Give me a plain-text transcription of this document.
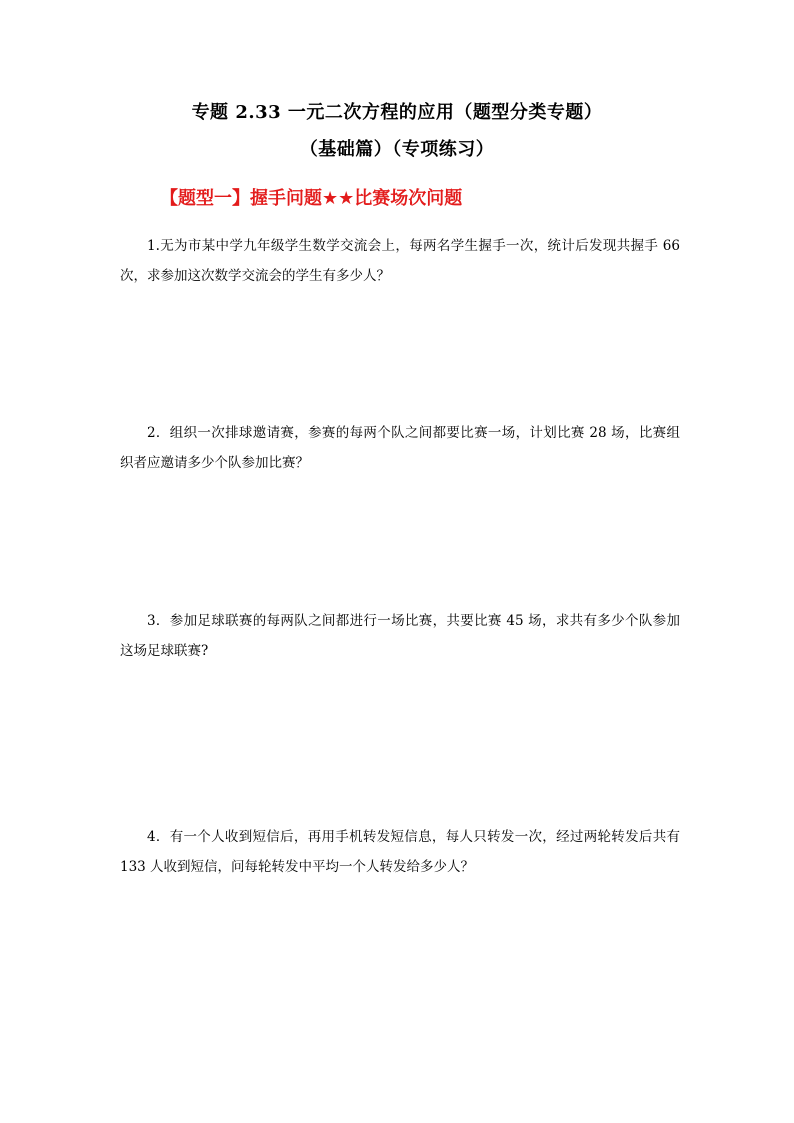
专题 2.33 一元二次方程的应用（题型分类专题）
（基础篇）（专项练习）
【题型一】握手问题★★比赛场次问题

1.无为市某中学九年级学生数学交流会上，每两名学生握手一次，统计后发现共握手 66 次，求参加这次数学交流会的学生有多少人？

2．组织一次排球邀请赛，参赛的每两个队之间都要比赛一场，计划比赛 28 场，比赛组织者应邀请多少个队参加比赛？

3．参加足球联赛的每两队之间都进行一场比赛，共要比赛 45 场，求共有多少个队参加这场足球联赛?

4．有一个人收到短信后，再用手机转发短信息，每人只转发一次，经过两轮转发后共有 133 人收到短信，问每轮转发中平均一个人转发给多少人？
